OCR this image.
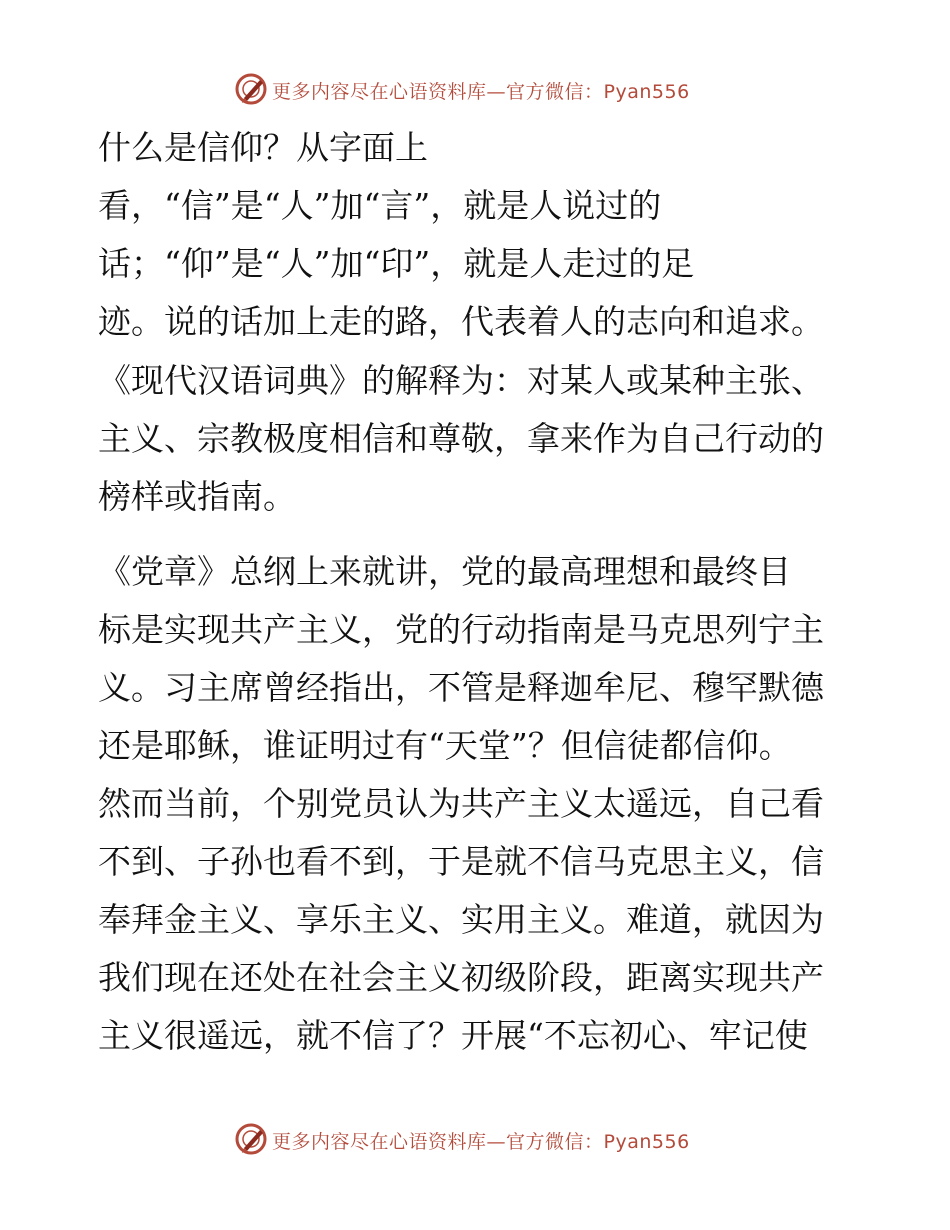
更多内容尽在心语资料库—官方微信：Pyan556
什么是信仰？从字面上
看，“信”是“人”加“言”，就是人说过的
话；“仰”是“人”加“印”，就是人走过的足
迹。说的话加上走的路，代表着人的志向和追求。
《现代汉语词典》的解释为：对某人或某种主张、
主义、宗教极度相信和尊敬，拿来作为自己行动的
榜样或指南。
《党章》总纲上来就讲，党的最高理想和最终目
标是实现共产主义，党的行动指南是马克思列宁主
义。习主席曾经指出，不管是释迦牟尼、穆罕默德
还是耶稣，谁证明过有“天堂”？但信徒都信仰。
然而当前，个别党员认为共产主义太遥远，自己看
不到、子孙也看不到，于是就不信马克思主义，信
奉拜金主义、享乐主义、实用主义。难道，就因为
我们现在还处在社会主义初级阶段，距离实现共产
主义很遥远，就不信了？开展“不忘初心、牢记使
更多内容尽在心语资料库—官方微信：Pyan556
